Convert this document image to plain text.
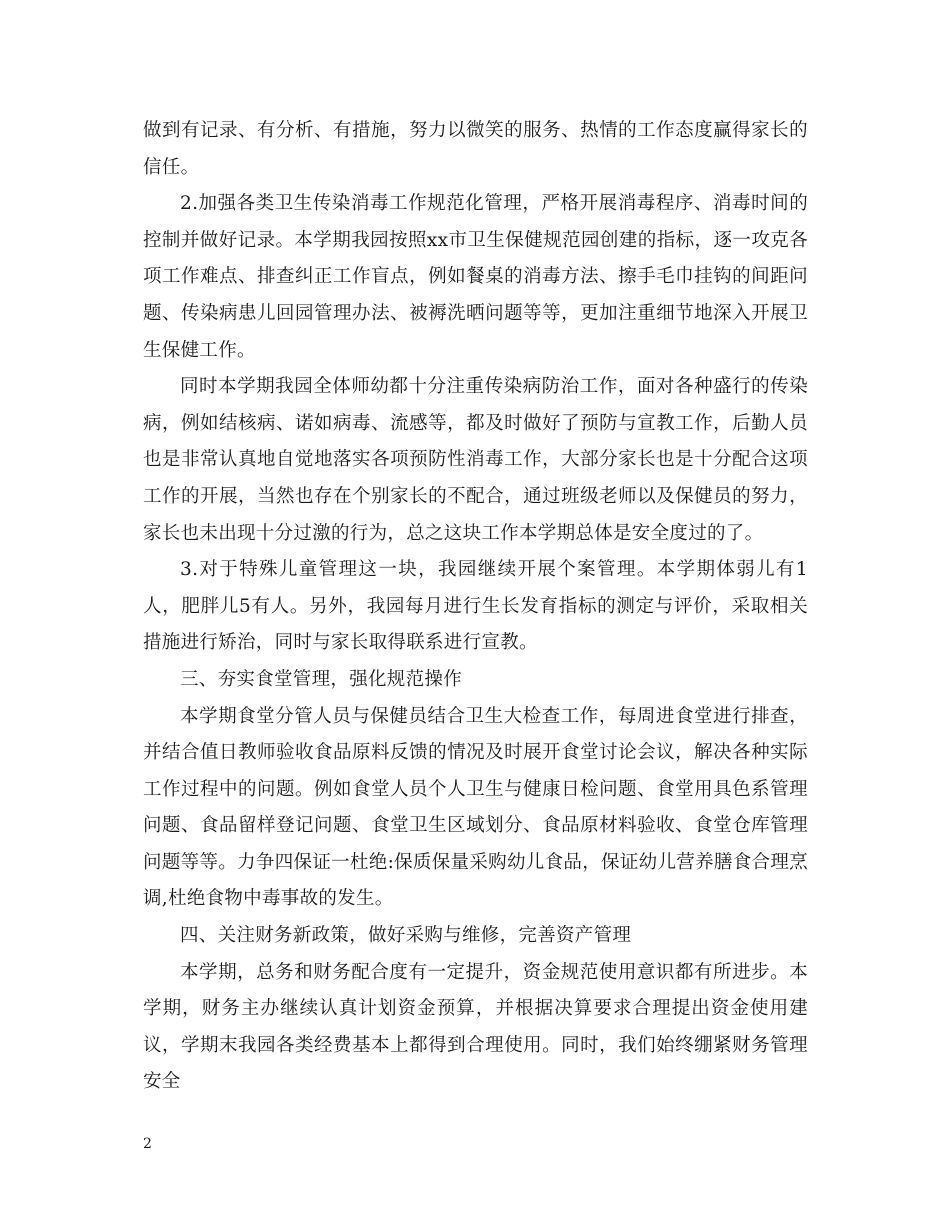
做到有记录、有分析、有措施，努力以微笑的服务、热情的工作态度赢得家长的信任。

2.加强各类卫生传染消毒工作规范化管理，严格开展消毒程序、消毒时间的控制并做好记录。本学期我园按照xx市卫生保健规范园创建的指标，逐一攻克各项工作难点、排查纠正工作盲点，例如餐桌的消毒方法、擦手毛巾挂钩的间距问题、传染病患儿回园管理办法、被褥洗晒问题等等，更加注重细节地深入开展卫生保健工作。

同时本学期我园全体师幼都十分注重传染病防治工作，面对各种盛行的传染病，例如结核病、诺如病毒、流感等，都及时做好了预防与宣教工作，后勤人员也是非常认真地自觉地落实各项预防性消毒工作，大部分家长也是十分配合这项工作的开展，当然也存在个别家长的不配合，通过班级老师以及保健员的努力，家长也未出现十分过激的行为，总之这块工作本学期总体是安全度过的了。

3.对于特殊儿童管理这一块，我园继续开展个案管理。本学期体弱儿有1人，肥胖儿5有人。另外，我园每月进行生长发育指标的测定与评价，采取相关措施进行矫治，同时与家长取得联系进行宣教。

三、夯实食堂管理，强化规范操作

本学期食堂分管人员与保健员结合卫生大检查工作，每周进食堂进行排查，并结合值日教师验收食品原料反馈的情况及时展开食堂讨论会议，解决各种实际工作过程中的问题。例如食堂人员个人卫生与健康日检问题、食堂用具色系管理问题、食品留样登记问题、食堂卫生区域划分、食品原材料验收、食堂仓库管理问题等等。力争四保证一杜绝:保质保量采购幼儿食品，保证幼儿营养膳食合理烹调,杜绝食物中毒事故的发生。

四、关注财务新政策，做好采购与维修，完善资产管理

本学期，总务和财务配合度有一定提升，资金规范使用意识都有所进步。本学期，财务主办继续认真计划资金预算，并根据决算要求合理提出资金使用建议，学期末我园各类经费基本上都得到合理使用。同时，我们始终绷紧财务管理安全

2
